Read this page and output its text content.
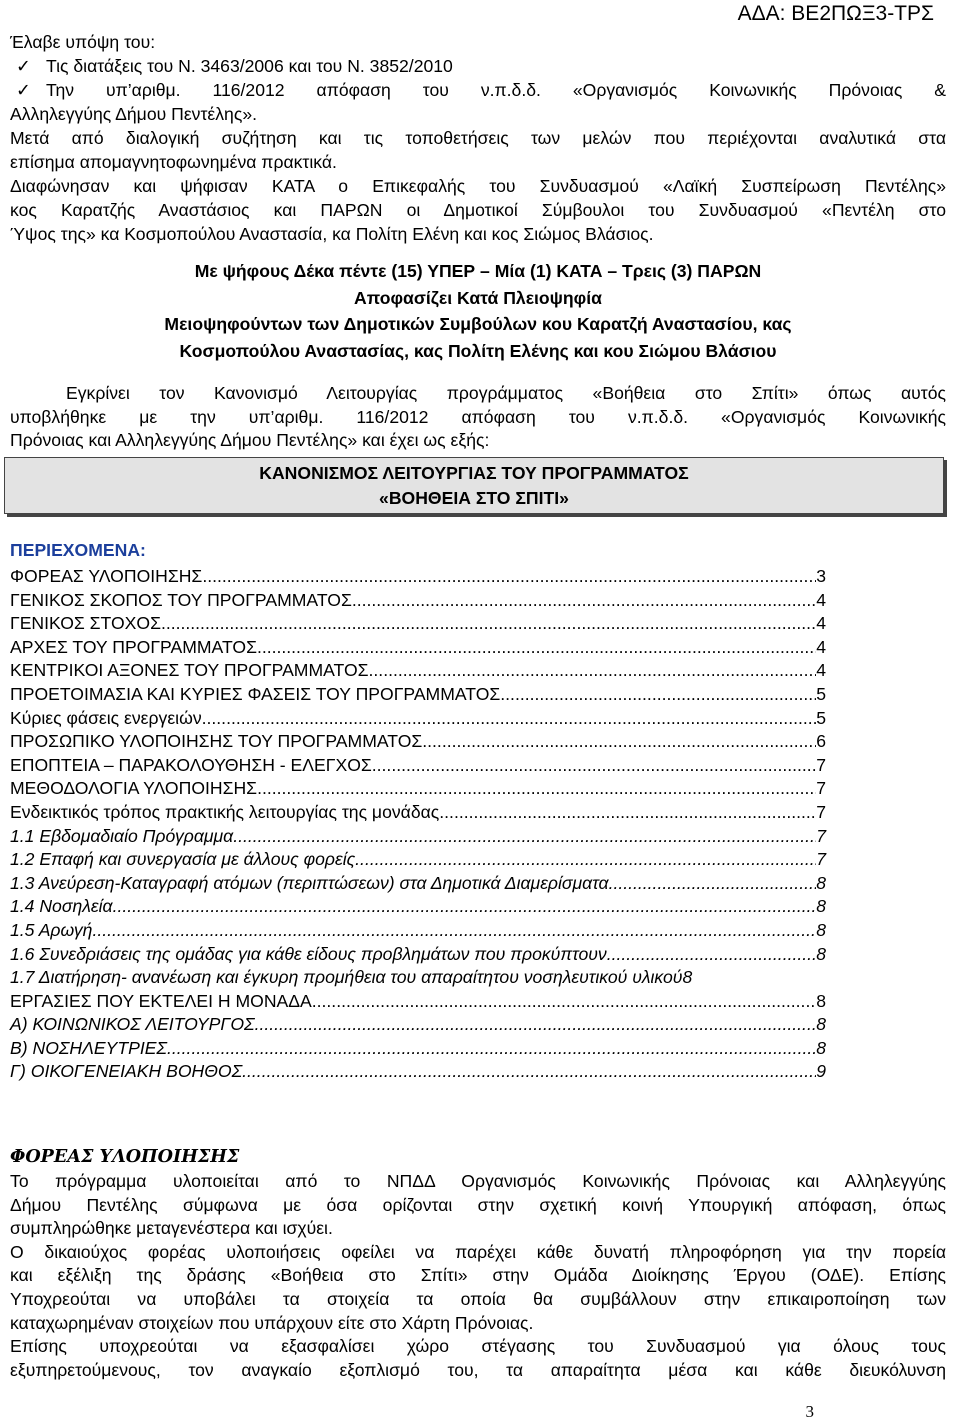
ΑΔΑ: ΒΕ2ΠΩΞ3-ΤΡΣ
Έλαβε υπόψη του:
✓ Τις διατάξεις του Ν. 3463/2006 και του Ν. 3852/2010
✓ Την υπ’αριθμ. 116/2012 απόφαση του ν.π.δ.δ. «Οργανισμός Κοινωνικής Πρόνοιας &
Αλληλεγγύης Δήμου Πεντέλης».
Μετά από διαλογική συζήτηση και τις τοποθετήσεις των μελών που περιέχονται αναλυτικά στα
επίσημα απομαγνητοφωνημένα πρακτικά.
Διαφώνησαν και ψήφισαν ΚΑΤΑ ο Επικεφαλής του Συνδυασμού «Λαϊκή Συσπείρωση Πεντέλης»
κος Καρατζής Αναστάσιος και ΠΑΡΩΝ οι Δημοτικοί Σύμβουλοι του Συνδυασμού «Πεντέλη στο
Ύψος της» κα Κοσμοπούλου Αναστασία, κα Πολίτη Ελένη και κος Σιώμος Βλάσιος.
Με ψήφους Δέκα πέντε (15) ΥΠΕΡ – Μία (1) ΚΑΤΑ – Τρεις (3) ΠΑΡΩΝ
Αποφασίζει Κατά Πλειοψηφία
Μειοψηφούντων των Δημοτικών Συμβούλων κου Καρατζή Αναστασίου, κας
Κοσμοπούλου Αναστασίας, κας Πολίτη Ελένης και κου Σιώμου Βλάσιου
Εγκρίνει τον Κανονισμό Λειτουργίας προγράμματος «Βοήθεια στο Σπίτι» όπως αυτός
υποβλήθηκε με την υπ’αριθμ. 116/2012 απόφαση του ν.π.δ.δ. «Οργανισμός Κοινωνικής
Πρόνοιας και Αλληλεγγύης Δήμου Πεντέλης» και έχει ως εξής:
ΚΑΝΟΝΙΣΜΟΣ ΛΕΙΤΟΥΡΓΙΑΣ ΤΟΥ ΠΡΟΓΡΑΜΜΑΤΟΣ
«ΒΟΗΘΕΙΑ ΣΤΟ ΣΠΙΤΙ»
ΠΕΡΙΕΧΟΜΕΝΑ:
ΦΟΡΕΑΣ ΥΛΟΠΟΙΗΣΗΣ .....	3
ΓΕΝΙΚΟΣ ΣΚΟΠΟΣ ΤΟΥ ΠΡΟΓΡΑΜΜΑΤΟΣ .....	4
ΓΕΝΙΚΟΣ ΣΤΟΧΟΣ .....	4
ΑΡΧΕΣ ΤΟΥ ΠΡΟΓΡΑΜΜΑΤΟΣ .....	4
ΚΕΝΤΡΙΚΟΙ ΑΞΟΝΕΣ ΤΟΥ ΠΡΟΓΡΑΜΜΑΤΟΣ .....	4
ΠΡΟΕΤΟΙΜΑΣΙΑ ΚΑΙ ΚΥΡΙΕΣ ΦΑΣΕΙΣ ΤΟΥ ΠΡΟΓΡΑΜΜΑΤΟΣ .....	5
Κύριες φάσεις ενεργειών .....	5
ΠΡΟΣΩΠΙΚΟ ΥΛΟΠΟΙΗΣΗΣ ΤΟΥ ΠΡΟΓΡΑΜΜΑΤΟΣ .....	6
ΕΠΟΠΤΕΙΑ – ΠΑΡΑΚΟΛΟΥΘΗΣΗ - ΕΛΕΓΧΟΣ .....	7
ΜΕΘΟΔΟΛΟΓΙΑ ΥΛΟΠΟΙΗΣΗΣ .....	7
Ενδεικτικός τρόπος πρακτικής λειτουργίας της μονάδας. .....	7
1.1 Εβδομαδιαίο Πρόγραμμα .....	7
1.2 Επαφή και συνεργασία με άλλους φορείς .....	7
1.3 Ανεύρεση-Καταγραφή ατόμων (περιπτώσεων) στα Δημοτικά Διαμερίσματα .....	8
1.4 Νοσηλεία .....	8
1.5 Αρωγή .....	8
1.6 Συνεδριάσεις της ομάδας για κάθε είδους προβλημάτων που προκύπτουν .....	8
1.7 Διατήρηση- ανανέωση και έγκυρη προμήθεια του απαραίτητου νοσηλευτικού υλικού 8
ΕΡΓΑΣΙΕΣ ΠΟΥ ΕΚΤΕΛΕΙ Η ΜΟΝΑΔΑ .....	8
Α) ΚΟΙΝΩΝΙΚΟΣ ΛΕΙΤΟΥΡΓΟΣ .....	8
Β) ΝΟΣΗΛΕΥΤΡΙΕΣ .....	8
Γ) ΟΙΚΟΓΕΝΕΙΑΚΗ ΒΟΗΘΟΣ .....	9
ΦΟΡΕΑΣ ΥΛΟΠΟΙΗΣΗΣ
Το πρόγραμμα υλοποιείται από το ΝΠΔΔ Οργανισμός Κοινωνικής Πρόνοιας και Αλληλεγγύης
Δήμου Πεντέλης σύμφωνα με όσα ορίζονται στην σχετική κοινή Υπουργική απόφαση, όπως
συμπληρώθηκε μεταγενέστερα και ισχύει.
Ο δικαιούχος φορέας υλοποιήσεις οφείλει να παρέχει κάθε δυνατή πληροφόρηση για την πορεία
και εξέλιξη της δράσης «Βοήθεια στο Σπίτι» στην Ομάδα Διοίκησης Έργου (ΟΔΕ). Επίσης
Υποχρεούται να υποβάλει τα στοιχεία τα οποία θα συμβάλλουν στην επικαιροποίηση των
καταχωρημέναν στοιχείων που υπάρχουν είτε στο Χάρτη Πρόνοιας.
Επίσης υποχρεούται να εξασφαλίσει χώρο στέγασης του Συνδυασμού για όλους τους
εξυπηρετούμενους, τον αναγκαίο εξοπλισμό του, τα απαραίτητα μέσα και κάθε διευκόλυνση
3
